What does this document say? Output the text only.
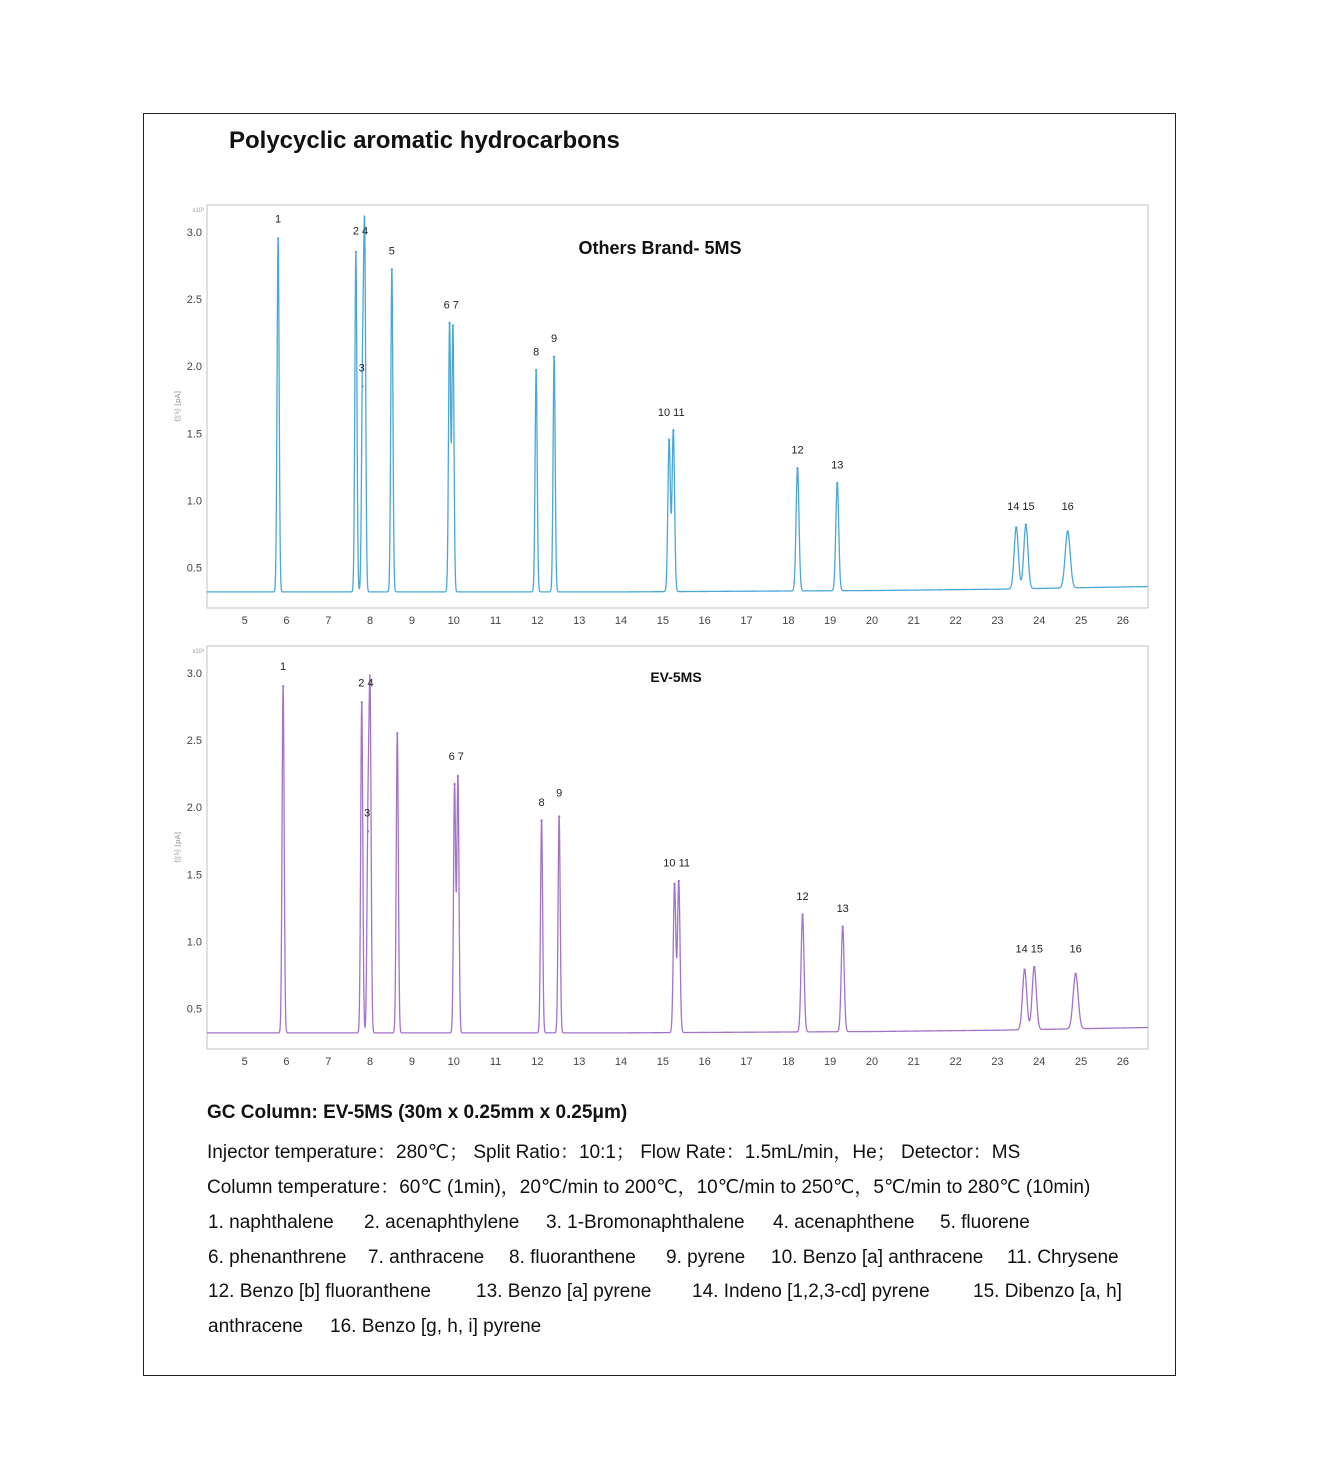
Polycyclic aromatic hydrocarbons
0.5
1.0
1.5
2.0
2.5
3.0
x10³
信号 [pA]
5	6	7	8	9	10	11	12	13	14	15	16	17	18	19	20	21	22	23	24	25	26
Others Brand- 5MS
1
2 4
3
5
6 7
8
9
10 11
12
13
14 15 16
0.5
1.0
1.5
2.0
2.5
3.0
x10³
信号 [pA]
5	6	7	8	9	10	11	12	13	14	15	16	17	18	19	20	21	22	23	24	25	26
EV-5MS
1
2 4
3
6 7
8
9
10 11
12
13
14 15 16

GC Column: EV-5MS (30m x 0.25mm x 0.25μm)

Injector temperature：280℃； Split Ratio：10:1； Flow Rate：1.5mL/min，He； Detector：MS

Column temperature：60℃ (1min)，20℃/min to 200℃，10℃/min to 250℃，5℃/min to 280℃ (10min)

1. naphthalene 2. acenaphthylene 3. 1-Bromonaphthalene 4. acenaphthene 5. fluorene
6. phenanthrene 7. anthracene 8. fluoranthene 9. pyrene 10. Benzo [a] anthracene 11. Chrysene
12. Benzo [b] fluoranthene 13. Benzo [a] pyrene 14. Indeno [1,2,3-cd] pyrene 15. Dibenzo [a, h]
anthracene 16. Benzo [g, h, i] pyrene
